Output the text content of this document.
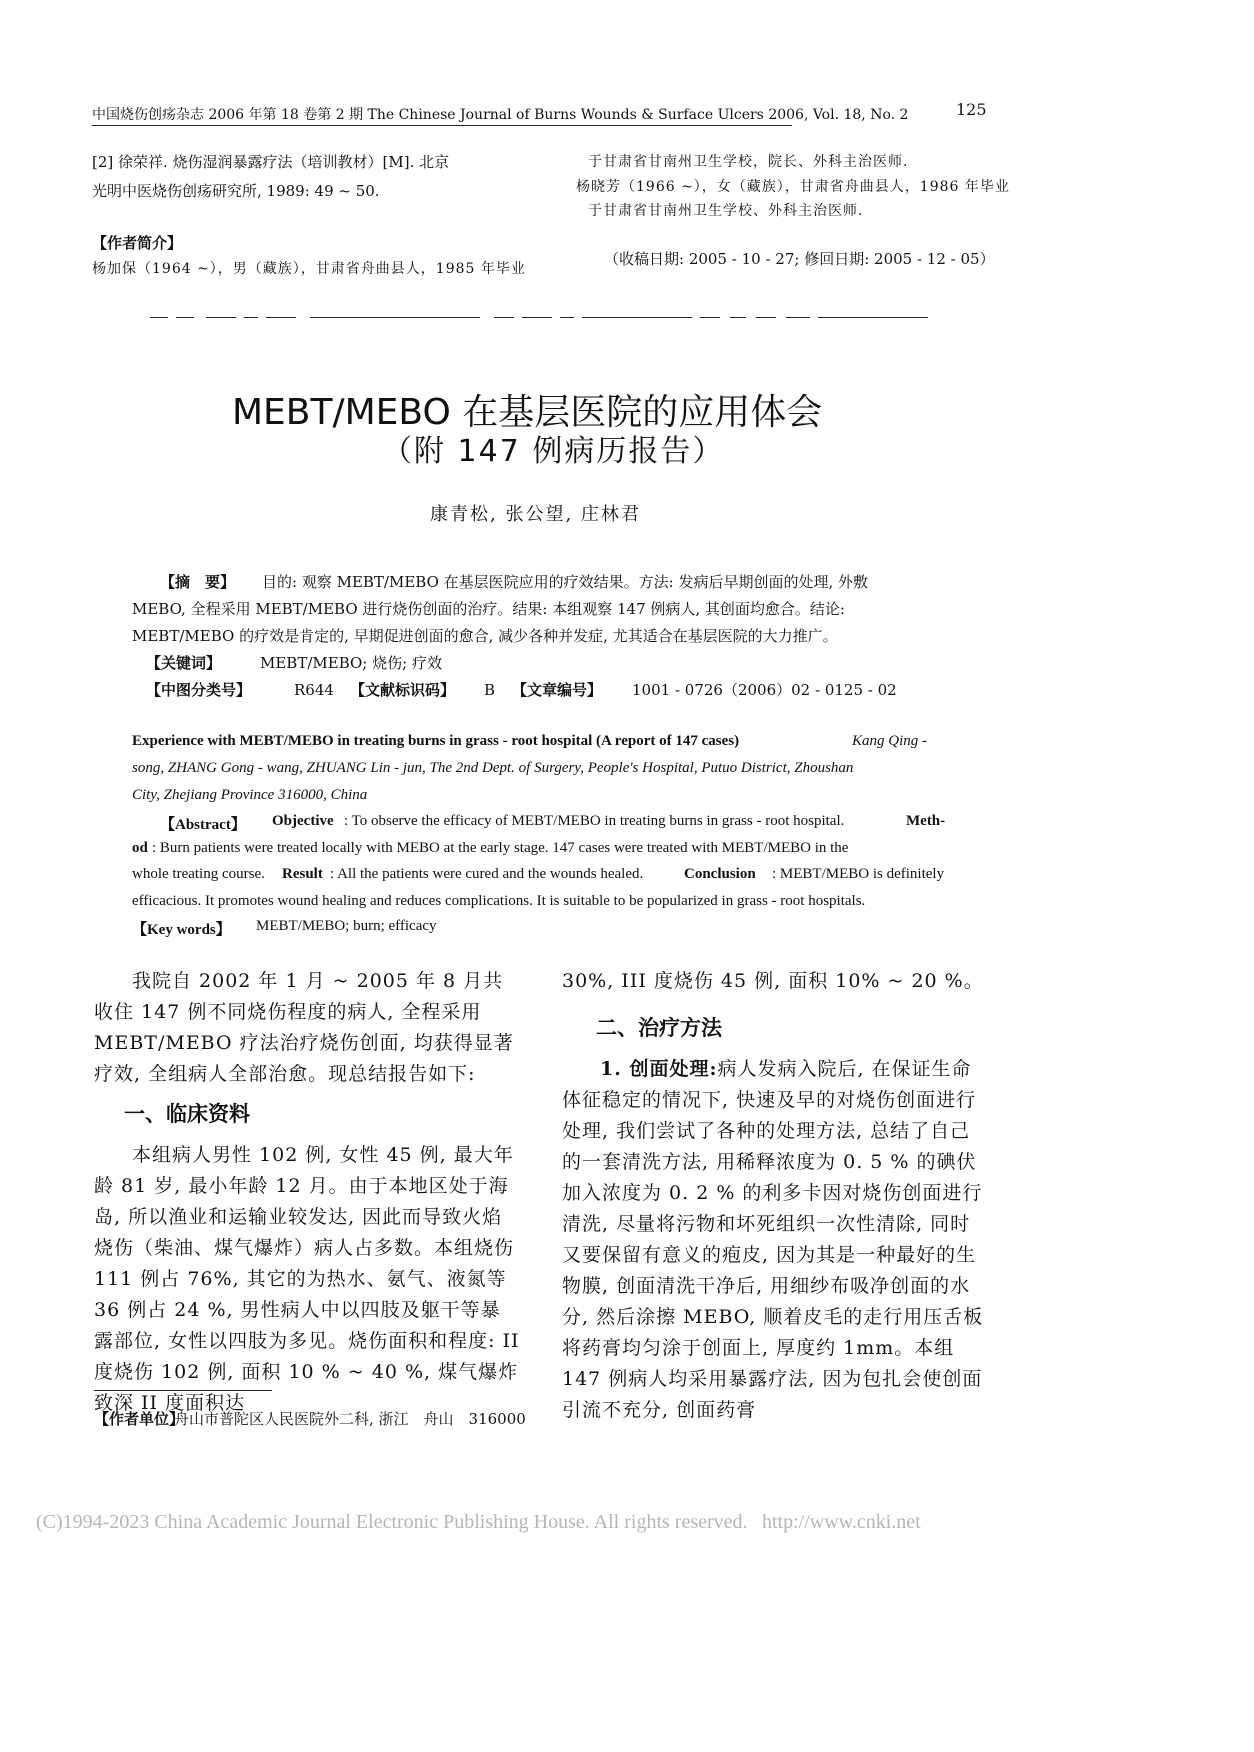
中国烧伤创疡杂志 2006 年第 18 卷第 2 期 The Chinese Journal of Burns Wounds & Surface Ulcers 2006, Vol. 18, No. 2	125
[2] 徐荣祥. 烧伤湿润暴露疗法（培训教材）[M]. 北京
光明中医烧伤创疡研究所, 1989: 49 ~ 50.
【作者简介】
杨加保（1964 ~），男（藏族），甘肃省舟曲县人，1985 年毕业
于甘肃省甘南州卫生学校，院长、外科主治医师.
杨晓芳（1966 ~），女（藏族），甘肃省舟曲县人，1986 年毕业
于甘肃省甘南州卫生学校、外科主治医师.
（收稿日期: 2005 - 10 - 27; 修回日期: 2005 - 12 - 05）
MEBT/MEBO 在基层医院的应用体会
（附 147 例病历报告）
康青松, 张公望, 庄林君
【摘　要】 目的: 观察 MEBT/MEBO 在基层医院应用的疗效结果。方法: 发病后早期创面的处理, 外敷
MEBO, 全程采用 MEBT/MEBO 进行烧伤创面的治疗。结果: 本组观察 147 例病人, 其创面均愈合。结论:
MEBT/MEBO 的疗效是肯定的, 早期促进创面的愈合, 减少各种并发症, 尤其适合在基层医院的大力推广。
【关键词】	MEBT/MEBO; 烧伤; 疗效
【中图分类号】	R644 【文献标识码】 B 【文章编号】 1001 - 0726（2006）02 - 0125 - 02
Experience with MEBT/MEBO in treating burns in grass - root hospital (A report of 147 cases)	Kang Qing -
song, ZHANG Gong - wang, ZHUANG Lin - jun, The 2nd Dept. of Surgery, People's Hospital, Putuo District, Zhoushan
City, Zhejiang Province 316000, China
【Abstract】 Objective : To observe the efficacy of MEBT/MEBO in treating burns in grass - root hospital.	Meth-
od : Burn patients were treated locally with MEBO at the early stage. 147 cases were treated with MEBT/MEBO in the
whole treating course. Result : All the patients were cured and the wounds healed.	Conclusion : MEBT/MEBO is definitely
efficacious. It promotes wound healing and reduces complications. It is suitable to be popularized in grass - root hospitals.
【Key words】 MEBT/MEBO; burn; efficacy
我院自 2002 年 1 月 ~ 2005 年 8 月共收住 147 例不同烧伤程度的病人, 全程采用 MEBT/MEBO 疗法治疗烧伤创面, 均获得显著疗效, 全组病人全部治愈。现总结报告如下:
一、临床资料
本组病人男性 102 例, 女性 45 例, 最大年龄 81 岁, 最小年龄 12 月。由于本地区处于海岛, 所以渔业和运输业较发达, 因此而导致火焰烧伤（柴油、煤气爆炸）病人占多数。本组烧伤 111 例占 76%, 其它的为热水、氨气、液氮等 36 例占 24 %, 男性病人中以四肢及躯干等暴露部位, 女性以四肢为多见。烧伤面积和程度: II 度烧伤 102 例, 面积 10 % ~ 40 %, 煤气爆炸致深 II 度面积达
30%, III 度烧伤 45 例, 面积 10% ~ 20 %。
二、治疗方法
1. 创面处理:病人发病入院后, 在保证生命体征稳定的情况下, 快速及早的对烧伤创面进行处理, 我们尝试了各种的处理方法, 总结了自己的一套清洗方法, 用稀释浓度为 0. 5 % 的碘伏加入浓度为 0. 2 % 的利多卡因对烧伤创面进行清洗, 尽量将污物和坏死组织一次性清除, 同时又要保留有意义的疱皮, 因为其是一种最好的生物膜, 创面清洗干净后, 用细纱布吸净创面的水分, 然后涂擦 MEBO, 顺着皮毛的走行用压舌板将药膏均匀涂于创面上, 厚度约 1mm。本组 147 例病人均采用暴露疗法, 因为包扎会使创面引流不充分, 创面药膏
【作者单位】
舟山市普陀区人民医院外二科, 浙江　舟山　316000
(C)1994-2023 China Academic Journal Electronic Publishing House. All rights reserved. http://www.cnki.net
